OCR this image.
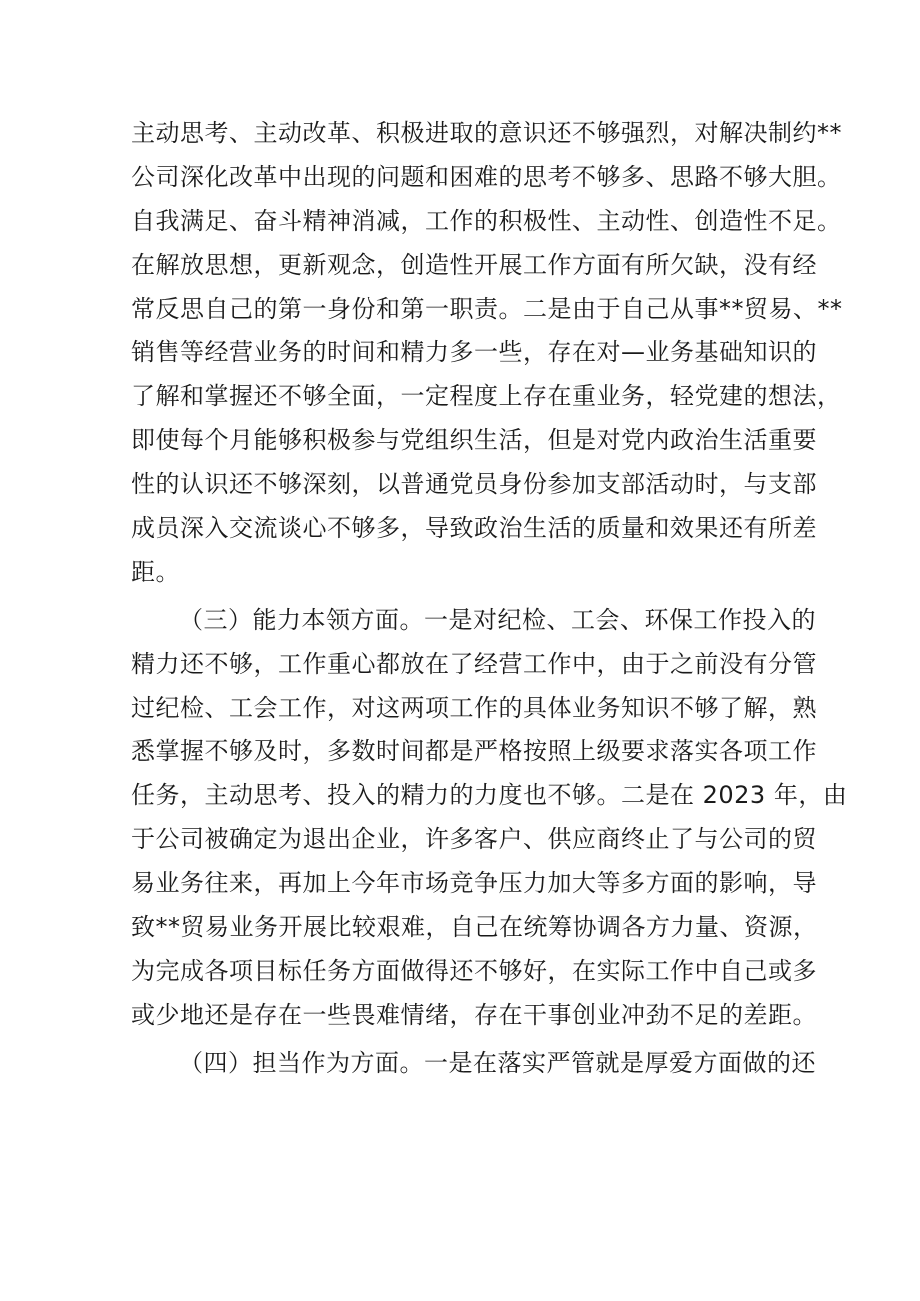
主动思考、主动改革、积极进取的意识还不够强烈，对解决制约**
公司深化改革中出现的问题和困难的思考不够多、思路不够大胆。
自我满足、奋斗精神消减，工作的积极性、主动性、创造性不足。
在解放思想，更新观念，创造性开展工作方面有所欠缺，没有经
常反思自己的第一身份和第一职责。二是由于自己从事**贸易、**
销售等经营业务的时间和精力多一些，存在对—业务基础知识的
了解和掌握还不够全面，一定程度上存在重业务，轻党建的想法，
即使每个月能够积极参与党组织生活，但是对党内政治生活重要
性的认识还不够深刻，以普通党员身份参加支部活动时，与支部
成员深入交流谈心不够多，导致政治生活的质量和效果还有所差
距。
（三）能力本领方面。一是对纪检、工会、环保工作投入的
精力还不够，工作重心都放在了经营工作中，由于之前没有分管
过纪检、工会工作，对这两项工作的具体业务知识不够了解，熟
悉掌握不够及时，多数时间都是严格按照上级要求落实各项工作
任务，主动思考、投入的精力的力度也不够。二是在 2023 年，由
于公司被确定为退出企业，许多客户、供应商终止了与公司的贸
易业务往来，再加上今年市场竞争压力加大等多方面的影响，导
致**贸易业务开展比较艰难，自己在统筹协调各方力量、资源，
为完成各项目标任务方面做得还不够好，在实际工作中自己或多
或少地还是存在一些畏难情绪，存在干事创业冲劲不足的差距。
（四）担当作为方面。一是在落实严管就是厚爱方面做的还
